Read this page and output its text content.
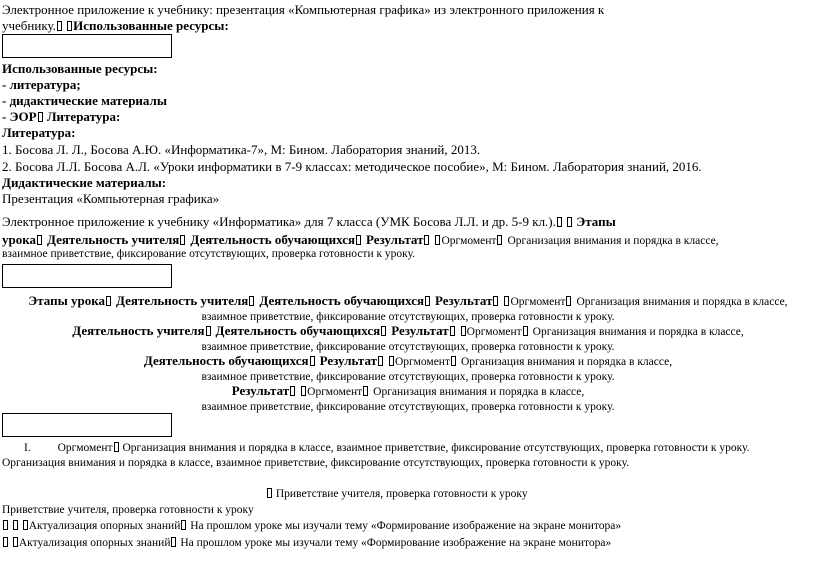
Электронное приложение к учебнику: презентация «Компьютерная графика» из электронного приложения к
учебнику. Использованные ресурсы:
Использованные ресурсы:
- литература;
- дидактические материалы
- ЭОР Литература:
Литература:
1. Босова Л. Л., Босова А.Ю. «Информатика-7», М: Бином. Лаборатория знаний, 2013.
2. Босова Л.Л. Босова А.Л. «Уроки информатики в 7-9 классах: методическое пособие», М: Бином. Лаборатория знаний, 2016.
Дидактические материалы:
Презентация «Компьютерная графика»
Электронное приложение к учебнику «Информатика» для 7 класса (УМК Босова Л.Л. и др. 5-9 кл.). Этапы
урока Деятельность учителя Деятельность обучающихся Результат Оргмомент Организация внимания и порядка в классе,
взаимное приветствие, фиксирование отсутствующих, проверка готовности к уроку.
Этапы урока Деятельность учителя Деятельность обучающихся Результат Оргмомент Организация внимания и порядка в классе,
взаимное приветствие, фиксирование отсутствующих, проверка готовности к уроку.
Деятельность учителя Деятельность обучающихся Результат Оргмомент Организация внимания и порядка в классе,
взаимное приветствие, фиксирование отсутствующих, проверка готовности к уроку.
Деятельность обучающихся Результат Оргмомент Организация внимания и порядка в классе,
взаимное приветствие, фиксирование отсутствующих, проверка готовности к уроку.
Результат Оргмомент Организация внимания и порядка в классе,
взаимное приветствие, фиксирование отсутствующих, проверка готовности к уроку.
I. Оргмомент Организация внимания и порядка в классе, взаимное приветствие, фиксирование отсутствующих, проверка готовности к уроку.
Организация внимания и порядка в классе, взаимное приветствие, фиксирование отсутствующих, проверка готовности к уроку.
Приветствие учителя, проверка готовности к уроку
Приветствие учителя, проверка готовности к уроку
Актуализация опорных знаний На прошлом уроке мы изучали тему «Формирование изображение на экране монитора»
Актуализация опорных знаний На прошлом уроке мы изучали тему «Формирование изображение на экране монитора»
